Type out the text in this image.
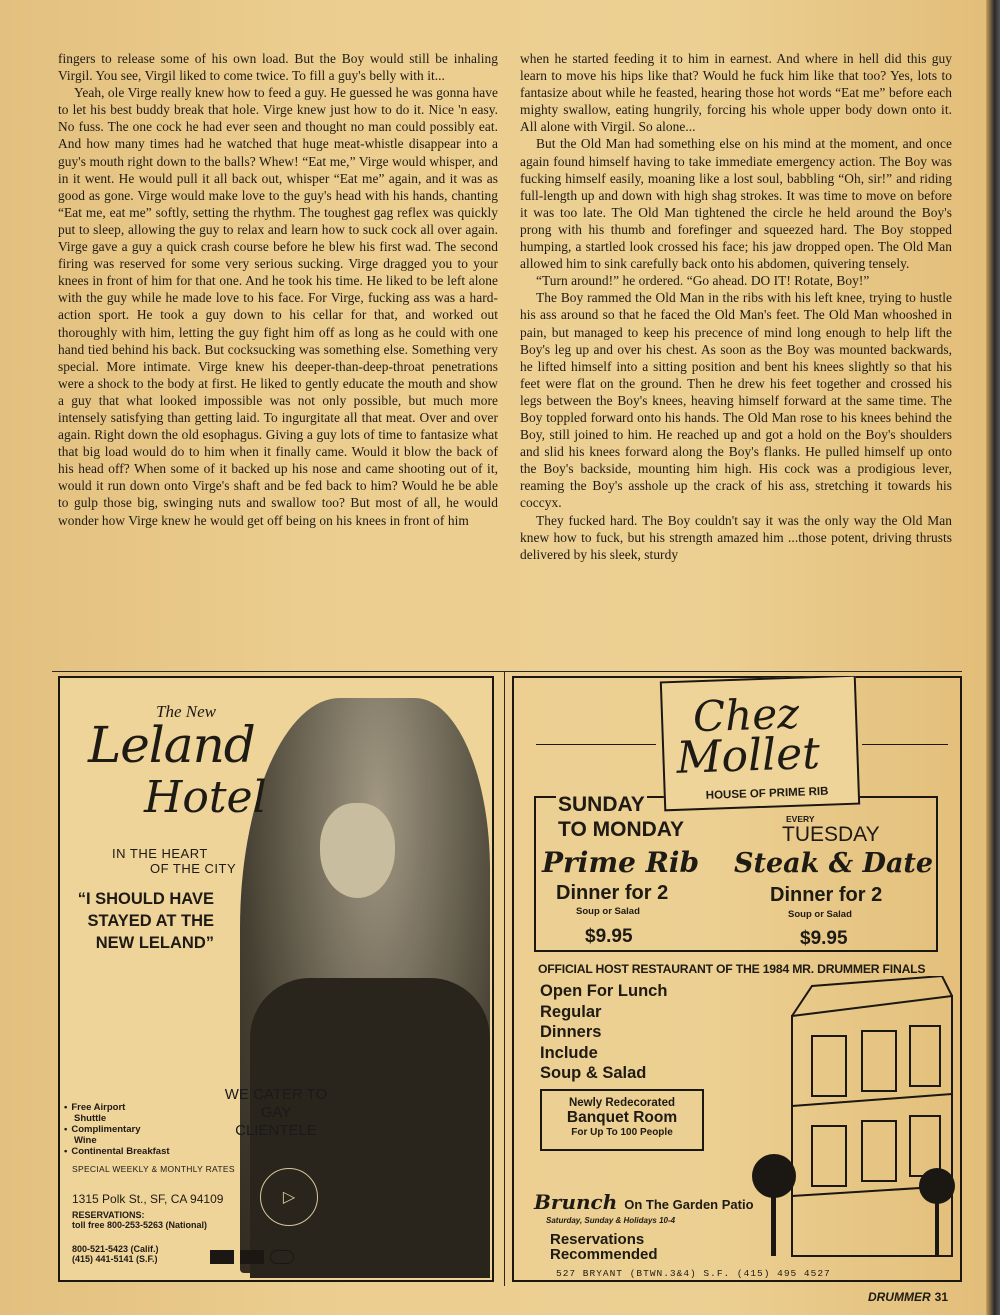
fingers to release some of his own load. But the Boy would still be inhaling Virgil. You see, Virgil liked to come twice. To fill a guy's belly with it...

Yeah, ole Virge really knew how to feed a guy. He guessed he was gonna have to let his best buddy break that hole. Virge knew just how to do it. Nice 'n easy. No fuss. The one cock he had ever seen and thought no man could possibly eat. And how many times had he watched that huge meat-whistle disappear into a guy's mouth right down to the balls? Whew! “Eat me,” Virge would whisper, and in it went. He would pull it all back out, whisper “Eat me” again, and it was as good as gone. Virge would make love to the guy's head with his hands, chanting “Eat me, eat me” softly, setting the rhythm. The toughest gag reflex was quickly put to sleep, allowing the guy to relax and learn how to suck cock all over again. Virge gave a guy a quick crash course before he blew his first wad. The second firing was reserved for some very serious sucking. Virge dragged you to your knees in front of him for that one. And he took his time. He liked to be left alone with the guy while he made love to his face. For Virge, fucking ass was a hard-action sport. He took a guy down to his cellar for that, and worked out thoroughly with him, letting the guy fight him off as long as he could with one hand tied behind his back. But cocksucking was something else. Something very special. More intimate. Virge knew his deeper-than-deep-throat penetrations were a shock to the body at first. He liked to gently educate the mouth and show a guy that what looked impossible was not only possible, but much more intensely satisfying than getting laid. To ingurgitate all that meat. Over and over again. Right down the old esophagus. Giving a guy lots of time to fantasize what that big load would do to him when it finally came. Would it blow the back of his head off? When some of it backed up his nose and came shooting out of it, would it run down onto Virge's shaft and be fed back to him? Would he be able to gulp those big, swinging nuts and swallow too? But most of all, he would wonder how Virge knew he would get off being on his knees in front of him

when he started feeding it to him in earnest. And where in hell did this guy learn to move his hips like that? Would he fuck him like that too? Yes, lots to fantasize about while he feasted, hearing those hot words “Eat me” before each mighty swallow, eating hungrily, forcing his whole upper body down onto it. All alone with Virgil. So alone...

But the Old Man had something else on his mind at the moment, and once again found himself having to take immediate emergency action. The Boy was fucking himself easily, moaning like a lost soul, babbling “Oh, sir!” and riding full-length up and down with high shag strokes. It was time to move on before it was too late. The Old Man tightened the circle he held around the Boy's prong with his thumb and forefinger and squeezed hard. The Boy stopped humping, a startled look crossed his face; his jaw dropped open. The Old Man allowed him to sink carefully back onto his abdomen, quivering tensely.

“Turn around!” he ordered. “Go ahead. DO IT! Rotate, Boy!”

The Boy rammed the Old Man in the ribs with his left knee, trying to hustle his ass around so that he faced the Old Man's feet. The Old Man whooshed in pain, but managed to keep his precence of mind long enough to help lift the Boy's leg up and over his chest. As soon as the Boy was mounted backwards, he lifted himself into a sitting position and bent his knees slightly so that his feet were flat on the ground. Then he drew his feet together and crossed his legs between the Boy's knees, heaving himself forward at the same time. The Boy toppled forward onto his hands. The Old Man rose to his knees behind the Boy, still joined to him. He reached up and got a hold on the Boy's shoulders and slid his knees forward along the Boy's flanks. He pulled himself up onto the Boy's backside, mounting him high. His cock was a prodigious lever, reaming the Boy's asshole up the crack of his ass, stretching it towards his coccyx.

They fucked hard. The Boy couldn't say it was the only way the Old Man knew how to fuck, but his strength amazed him ...those potent, driving thrusts delivered by his sleek, sturdy

The New
Leland
Hotel
IN THE HEART
OF THE CITY
“I SHOULD HAVE STAYED AT THE NEW LELAND”
WE CATER TO GAY CLIENTELE
• Free Airport
Shuttle
• Complimentary
Wine
• Continental Breakfast
SPECIAL WEEKLY & MONTHLY RATES
1315 Polk St., SF, CA 94109
RESERVATIONS:
toll free 800-253-5263 (National)
800-521-5423 (Calif.)
(415) 441-5141 (S.F.)
▷
Chez
Mollet
HOUSE OF PRIME RIB
SUNDAY
TO MONDAY
Prime Rib
Dinner for 2
Soup or Salad
$9.95
EVERY
TUESDAY
Steak & Date
Dinner for 2
Soup or Salad
$9.95
OFFICIAL HOST RESTAURANT OF THE 1984 MR. DRUMMER FINALS
Open For Lunch
Regular
Dinners
Include
Soup & Salad
Newly Redecorated
Banquet Room
For Up To 100 People
Brunch On The Garden Patio
Saturday, Sunday & Holidays 10-4
Reservations
Recommended
527 BRYANT (BTWN.3&4) S.F. (415) 495 4527
DRUMMER 31
